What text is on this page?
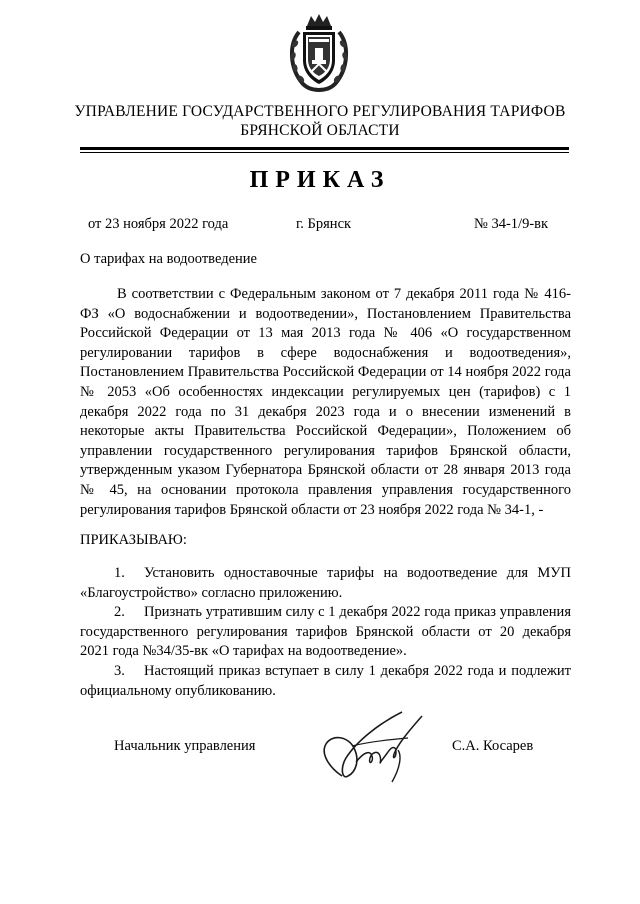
УПРАВЛЕНИЕ ГОСУДАРСТВЕННОГО РЕГУЛИРОВАНИЯ ТАРИФОВ
БРЯНСКОЙ ОБЛАСТИ
ПРИКАЗ
от 23 ноября 2022 года	г. Брянск	№ 34-1/9-вк
О тарифах на водоотведение

В соответствии с Федеральным законом от 7 декабря 2011 года № 416-ФЗ «О водоснабжении и водоотведении», Постановлением Правительства Российской Федерации от 13 мая 2013 года № 406 «О государственном регулировании тарифов в сфере водоснабжения и водоотведения», Постановлением Правительства Российской Федерации от 14 ноября 2022 года № 2053 «Об особенностях индексации регулируемых цен (тарифов) с 1 декабря 2022 года по 31 декабря 2023 года и о внесении изменений в некоторые акты Правительства Российской Федерации», Положением об управлении государственного регулирования тарифов Брянской области, утвержденным указом Губернатора Брянской области от 28 января 2013 года № 45, на основании протокола правления управления государственного регулирования тарифов Брянской области от 23 ноября 2022 года № 34-1, -

ПРИКАЗЫВАЮ:

1. Установить одноставочные тарифы на водоотведение для МУП «Благоустройство» согласно приложению.

2. Признать утратившим силу с 1 декабря 2022 года приказ управления государственного регулирования тарифов Брянской области от 20 декабря 2021 года №34/35-вк «О тарифах на водоотведение».

3. Настоящий приказ вступает в силу 1 декабря 2022 года и подлежит официальному опубликованию.

Начальник управления	С.А. Косарев
